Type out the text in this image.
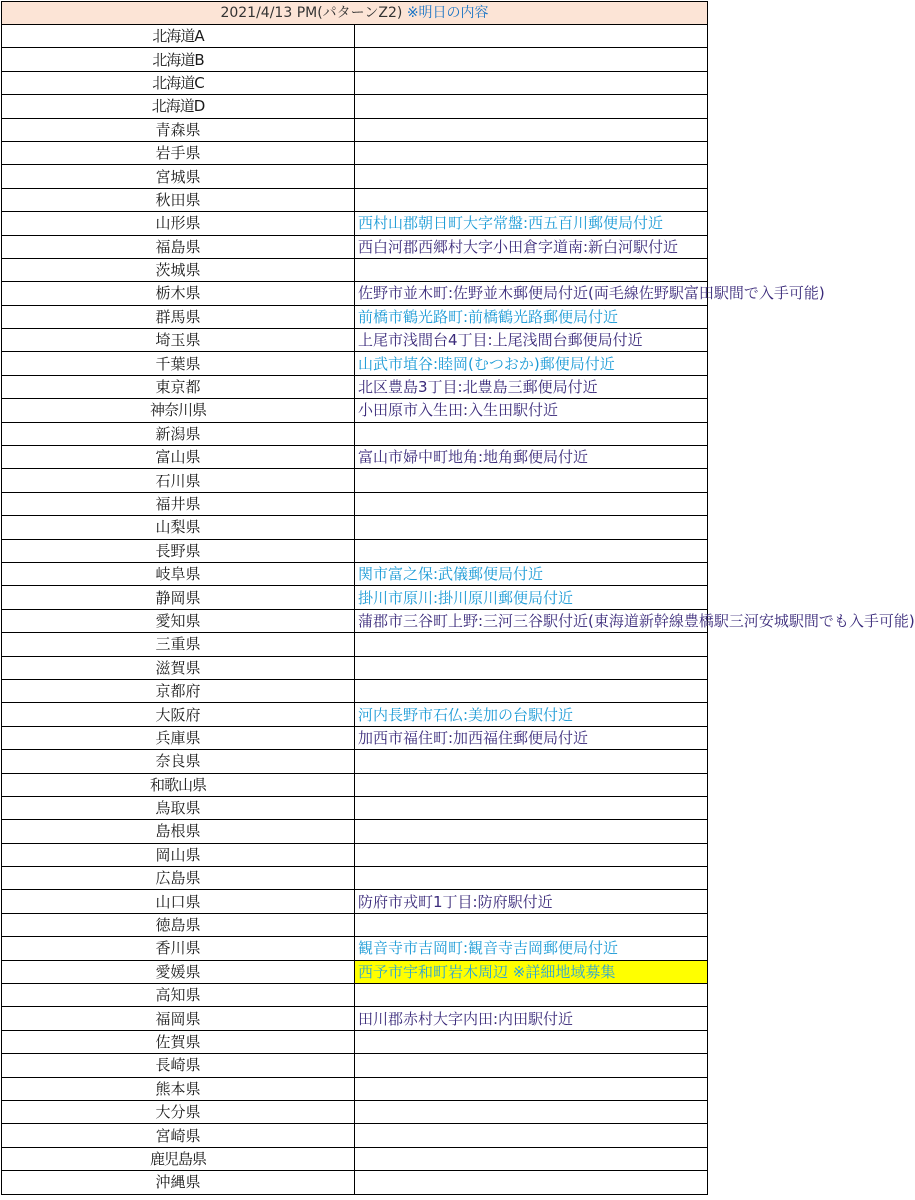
2021/4/13 PM(パターンZ2) ※明日の内容	
北海道A	
北海道B	
北海道C	
北海道D	
青森県	
岩手県	
宮城県	
秋田県	
山形県	西村山郡朝日町大字常盤:西五百川郵便局付近
福島県	西白河郡西郷村大字小田倉字道南:新白河駅付近
茨城県	
栃木県	佐野市並木町:佐野並木郵便局付近(両毛線佐野駅富田駅間で入手可能)
群馬県	前橋市鶴光路町:前橋鶴光路郵便局付近
埼玉県	上尾市浅間台4丁目:上尾浅間台郵便局付近
千葉県	山武市埴谷:睦岡(むつおか)郵便局付近
東京都	北区豊島3丁目:北豊島三郵便局付近
神奈川県	小田原市入生田:入生田駅付近
新潟県	
富山県	富山市婦中町地角:地角郵便局付近
石川県	
福井県	
山梨県	
長野県	
岐阜県	関市富之保:武儀郵便局付近
静岡県	掛川市原川:掛川原川郵便局付近
愛知県	蒲郡市三谷町上野:三河三谷駅付近(東海道新幹線豊橋駅三河安城駅間でも入手可能)
三重県	
滋賀県	
京都府	
大阪府	河内長野市石仏:美加の台駅付近
兵庫県	加西市福住町:加西福住郵便局付近
奈良県	
和歌山県	
鳥取県	
島根県	
岡山県	
広島県	
山口県	防府市戎町1丁目:防府駅付近
徳島県	
香川県	観音寺市吉岡町:観音寺吉岡郵便局付近
愛媛県	西予市宇和町岩木周辺 ※詳細地域募集
高知県	
福岡県	田川郡赤村大字内田:内田駅付近
佐賀県	
長崎県	
熊本県	
大分県	
宮崎県	
鹿児島県	
沖縄県	
